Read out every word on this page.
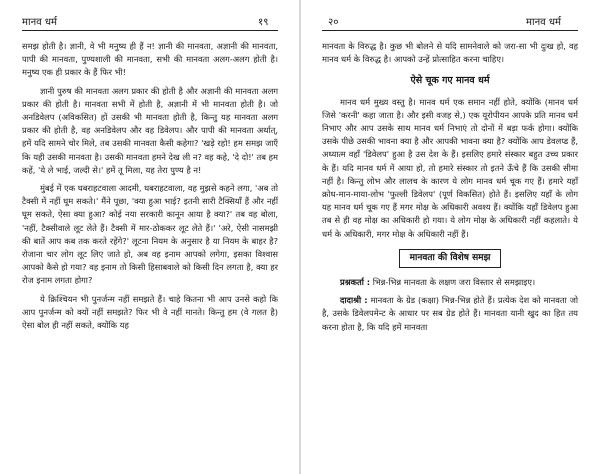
मानव धर्म	१९

समझ होती है। ज्ञानी, वे भी मनुष्य ही हैं न! ज्ञानी की मानवता, अज्ञानी की मानवता, पापी की मानवता, पुण्यशाली की मानवता, सभी की मानवता अलग-अलग होती है। मनुष्य एक ही प्रकार के हैं फिर भी!

ज्ञानी पुरुष की मानवता अलग प्रकार की होती है और अज्ञानी की मानवता अलग प्रकार की होती है। मानवता सभी में होती है, अज्ञानी में भी मानवता होती है। जो अनडिवेलप (अविकसित) हों उसकी भी मानवता होती है, किन्तु यह मानवता अलग प्रकार की होती है, वह अनडिवेलप और वह डिवेलप। और पापी की मानवता अर्थात्, हमें यदि सामने चोर मिले, तब उसकी मानवता कैसी कहेगा? 'खड़े रहो! हम समझ जाएँ कि यही उसकी मानवता है। उसकी मानवता हमने देख ली न? वह कहे, 'दे दो!' तब हम कहें, 'ये ले भाई, जल्दी से।' हमें तू मिला, यह तेरा पुण्य है न!

मुंबई में एक घबराहटवाला आदमी, घबराहटवाला, वह मुझसे कहने लगा, 'अब तो टैक्सी में नहीं घूम सकते।' मैंने पूछा, 'क्या हुआ भाई? इतनी सारी टैक्सियाँ हैं और नहीं घूम सकते, ऐसा क्या हुआ? कोई नया सरकारी कानून आया है क्या?' तब वह बोला, 'नहीं, टैक्सीवाले लूट लेते हैं। टैक्सी में मार-ठोककर लूट लेते हैं।' 'अरे, ऐसी नासमझी की बातें आप कब तक करते रहेंगे?' लूटना नियम के अनुसार है या नियम के बाहर है? रोजाना चार लोग लूट लिए जाते हो, अब वह इनाम आपको लगेगा, इसका विश्वास आपको कैसे हो गया? वह इनाम तो किसी हिसाबवाले को किसी दिन लगता है, क्या हर रोज इनाम लगता होगा?

ये क्रिश्चियन भी पुनर्जन्म नहीं समझते हैं। चाहे कितना भी आप उनसे कहो कि आप पुनर्जन्म को क्यों नहीं समझते? फिर भी वे नहीं मानते। किन्तु हम (वे गलत है) ऐसा बोल ही नहीं सकते, क्योंकि यह

२०	मानव धर्म

मानवता के विरुद्ध है। कुछ भी बोलने से यदि सामनेवाले को जरा-सा भी दुःख हो, वह मानव धर्म के विरुद्ध है। आपको उन्हें प्रोत्साहित करना चाहिए।

ऐसे चूक गए मानव धर्म

मानव धर्म मुख्य वस्तु है। मानव धर्म एक समान नहीं होते, क्योंकि (मानव धर्म जिसे 'करनी' कहा जाता है। और इसी वजह से,) एक यूरोपीयन आपके प्रति मानव धर्म निभाए और आप उसके साथ मानव धर्म निभाएं तो दोनों में बड़ा फर्क होगा। क्योंकि उसके पीछे उसकी भावना क्या है और आपकी भावना क्या है? क्योंकि आप डेवलप्ड हैं, अध्यात्म वहाँ 'डिवेलप' हुआ है उस देश के हैं। इसलिए हमारे संस्कार बहुत उच्च प्रकार के हैं। यदि मानव धर्म में आया हो, तो हमारे संस्कार तो इतने ऊँचे हैं कि उसकी सीमा नहीं है। किन्तु लोभ और लालच के कारण ये लोग मानव धर्म चूक गए हैं। हमारे यहाँ क्रोध-मान-माया-लोभ 'फुल्ली डिवेलप' (पूर्ण विकसित) होते हैं। इसलिए यहाँ के लोग यह मानव धर्म चूक गए हैं मगर मोक्ष के अधिकारी अवश्य हैं। क्योंकि यहाँ डिवेलप हुआ तब से ही वह मोक्ष का अधिकारी हो गया। ये लोग मोक्ष के अधिकारी नहीं कहलाते। ये धर्म के अधिकारी, मगर मोक्ष के अधिकारी नहीं हैं।

मानवता की विशेष समझ

प्रश्नकर्ता : भिन्न-भिन्न मानवता के लक्षण जरा विस्तार से समझाइए।

दादाश्री : मानवता के ग्रेड (कक्षा) भिन्न-भिन्न होते हैं। प्रत्येक देश को मानवता जो है, उसके डिवेलपमेन्ट के आधार पर सब ग्रेड होते हैं। मानवता यानी खुद का हित तय करना होता है, कि यदि हमें मानवता
